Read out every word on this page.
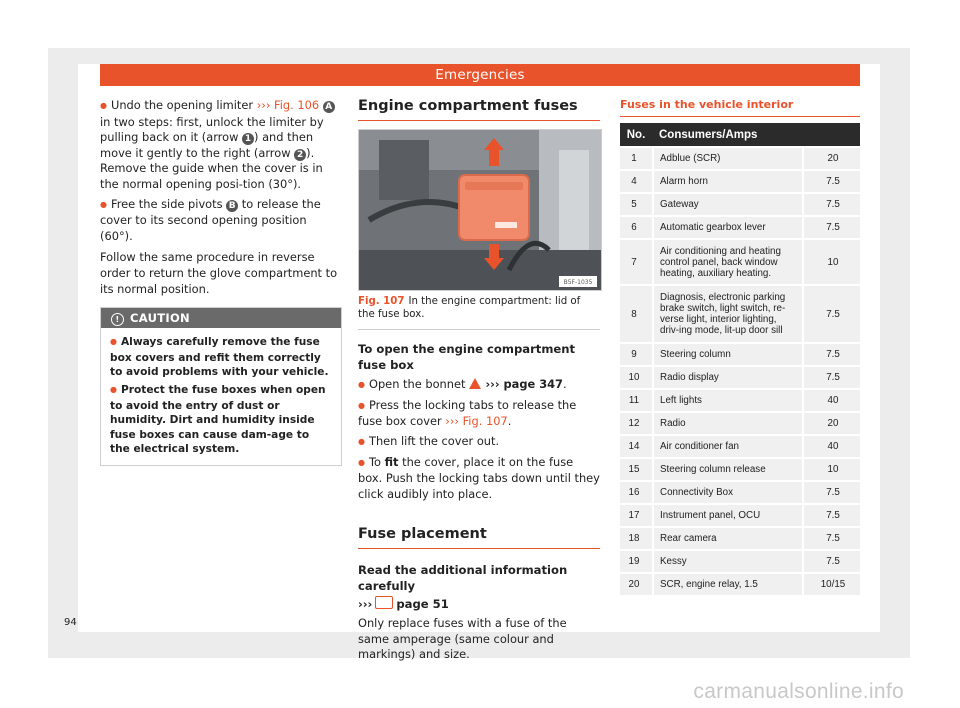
Emergencies

● Undo the opening limiter ››› Fig. 106 A in two steps: first, unlock the limiter by pulling back on it (arrow 1 ) and then move it gently to the right (arrow 2 ). Remove the guide when the cover is in the normal opening posi-tion (30°).

● Free the side pivots B to release the cover to its second opening position (60°).

Follow the same procedure in reverse order to return the glove compartment to its normal position.

! CAUTION

● Always carefully remove the fuse box covers and refit them correctly to avoid problems with your vehicle.

● Protect the fuse boxes when open to avoid the entry of dust or humidity. Dirt and humidity inside fuse boxes can cause dam-age to the electrical system.

Engine compartment fuses
B5F-1035
Fig. 107 In the engine compartment: lid of the fuse box.

To open the engine compartment fuse box

● Open the bonnet ››› page 347.

● Press the locking tabs to release the fuse box cover ››› Fig. 107.

● Then lift the cover out.

● To fit the cover, place it on the fuse box. Push the locking tabs down until they click audibly into place.

Fuse placement

Read the additional information carefully

››› page 51

Only replace fuses with a fuse of the same amperage (same colour and markings) and size.

Fuses in the vehicle interior
No.	Consumers/Amps	
1	Adblue (SCR)	20
4	Alarm horn	7.5
5	Gateway	7.5
6	Automatic gearbox lever	7.5
7	Air conditioning and heating control panel, back window heating, auxiliary heating.	10
8	Diagnosis, electronic parking brake switch, light switch, re-verse light, interior lighting, driv-ing mode, lit-up door sill	7.5
9	Steering column	7.5
10	Radio display	7.5
11	Left lights	40
12	Radio	20
14	Air conditioner fan	40
15	Steering column release	10
16	Connectivity Box	7.5
17	Instrument panel, OCU	7.5
18	Rear camera	7.5
19	Kessy	7.5
20	SCR, engine relay, 1.5	10/15
94
carmanualsonline.info
